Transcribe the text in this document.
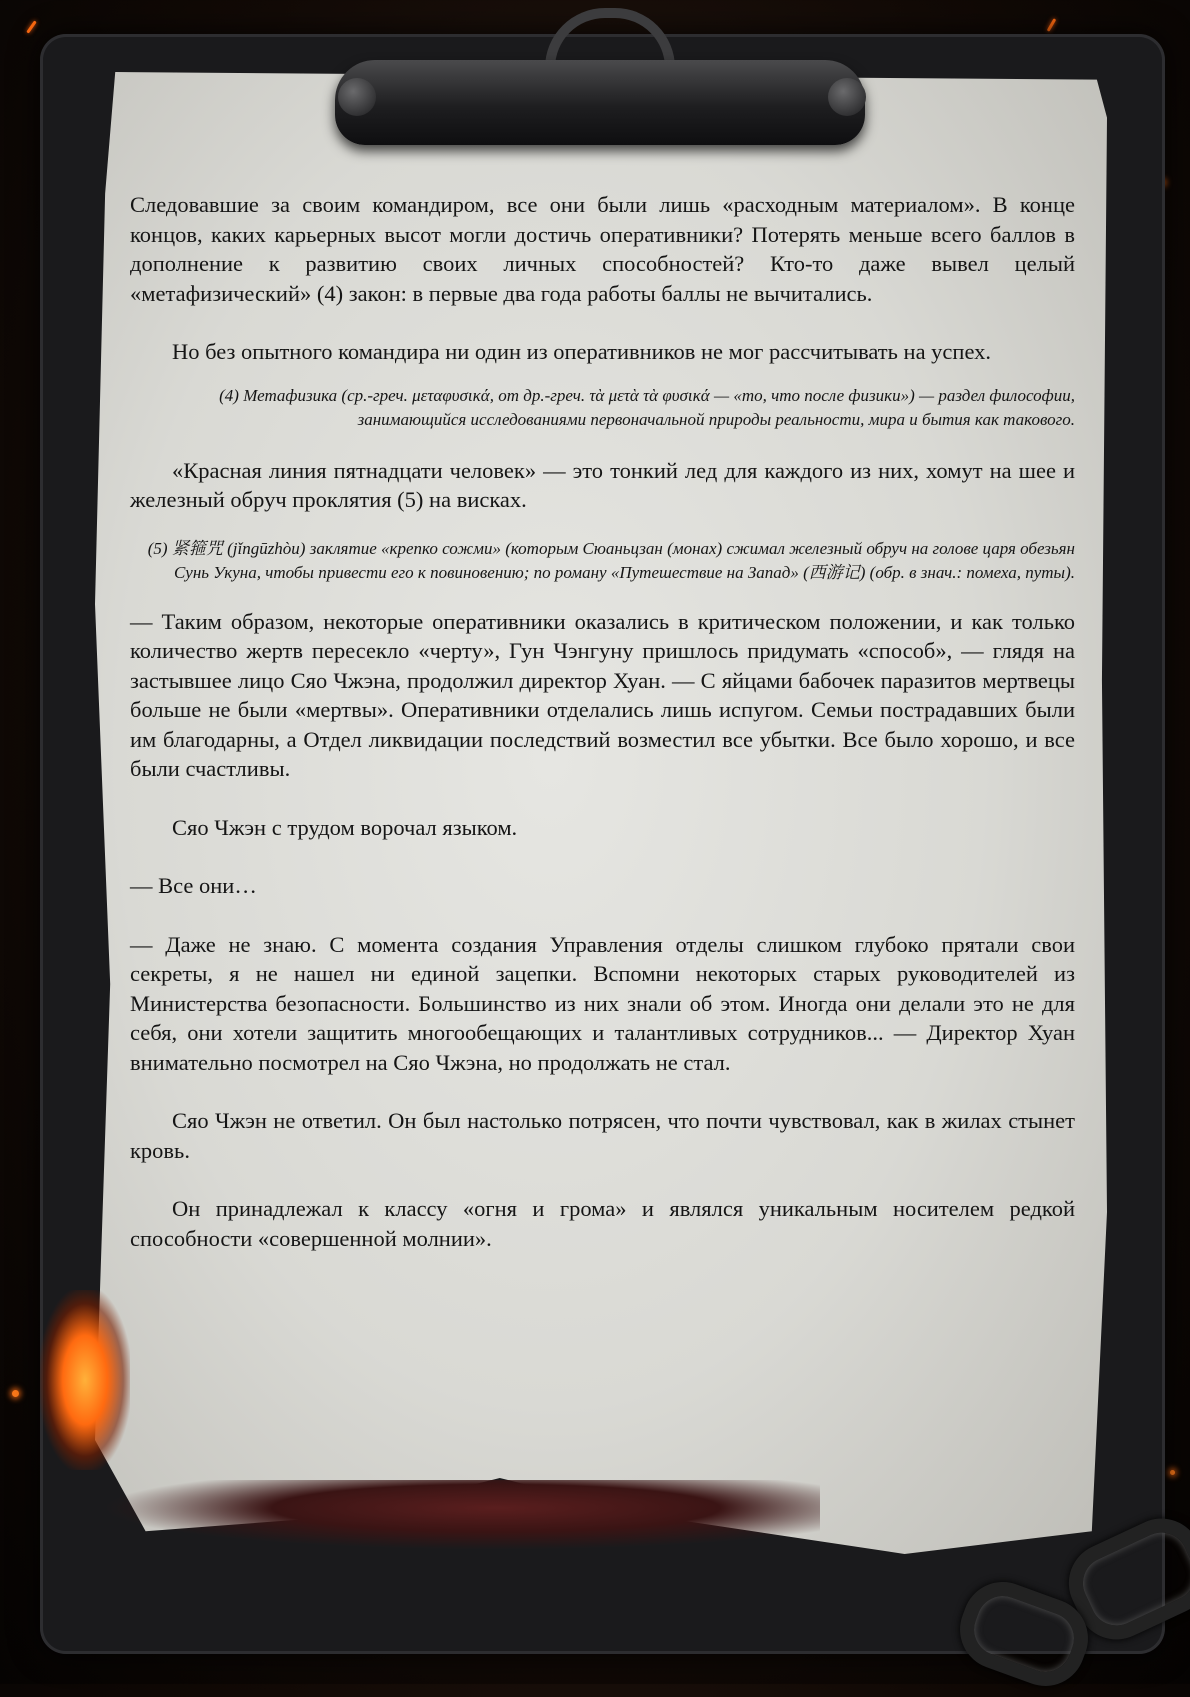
Следовавшие за своим командиром, все они были лишь «расходным материалом». В конце концов, каких карьерных высот могли достичь оперативники? Потерять меньше всего баллов в дополнение к развитию своих личных способностей? Кто-то даже вывел целый «метафизический» (4) закон: в первые два года работы баллы не вычитались.

Но без опытного командира ни один из оперативников не мог рассчитывать на успех.

(4) Метафизика (ср.-греч. μεταφυσικά, от др.-греч. τὰ μετὰ τὰ φυσικά — «то, что после физики») — раздел философии, занимающийся исследованиями первоначальной природы реальности, мира и бытия как такового.

«Красная линия пятнадцати человек» — это тонкий лед для каждого из них, хомут на шее и железный обруч проклятия (5) на висках.

(5) 紧箍咒 (jǐngūzhòu) заклятие «крепко сожми» (которым Сюаньцзан (монах) сжимал железный обруч на голове царя обезьян Сунь Укуна, чтобы привести его к повиновению; по роману «Путешествие на Запад» (西游记) (обр. в знач.: помеха, путы).

— Таким образом, некоторые оперативники оказались в критическом положении, и как только количество жертв пересекло «черту», Гун Чэнгуну пришлось придумать «способ», — глядя на застывшее лицо Сяо Чжэна, продолжил директор Хуан. — С яйцами бабочек паразитов мертвецы больше не были «мертвы». Оперативники отделались лишь испугом. Семьи пострадавших были им благодарны, а Отдел ликвидации последствий возместил все убытки. Все было хорошо, и все были счастливы.

Сяо Чжэн с трудом ворочал языком.

— Все они…

— Даже не знаю. С момента создания Управления отделы слишком глубоко прятали свои секреты, я не нашел ни единой зацепки. Вспомни некоторых старых руководителей из Министерства безопасности. Большинство из них знали об этом. Иногда они делали это не для себя, они хотели защитить многообещающих и талантливых сотрудников... — Директор Хуан внимательно посмотрел на Сяо Чжэна, но продолжать не стал.

Сяо Чжэн не ответил. Он был настолько потрясен, что почти чувствовал, как в жилах стынет кровь.

Он принадлежал к классу «огня и грома» и являлся уникальным носителем редкой способности «совершенной молнии».
